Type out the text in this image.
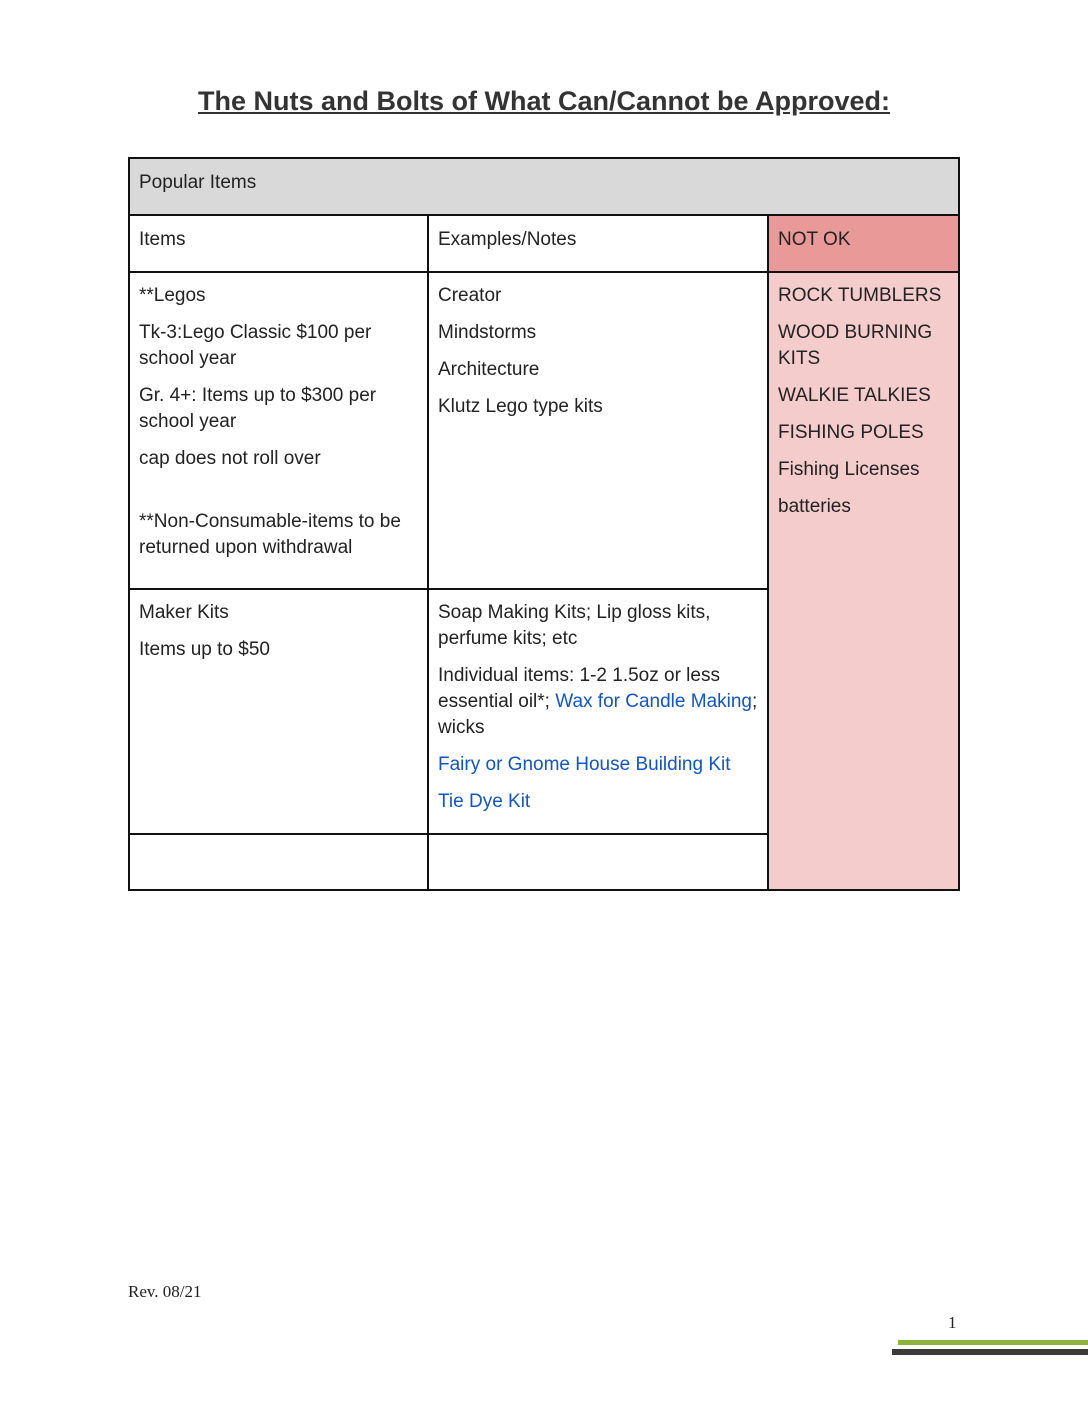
The Nuts and Bolts of What Can/Cannot be Approved:
Popular Items
Items	Examples/Notes	NOT OK

**Legos

Tk-3:Lego Classic $100 per school year

Gr. 4+: Items up to $300 per school year

cap does not roll over

**Non-Consumable-items to be returned upon withdrawal

Creator

Mindstorms

Architecture

Klutz Lego type kits

ROCK TUMBLERS

WOOD BURNING KITS

WALKIE TALKIES

FISHING POLES

Fishing Licenses

batteries

Maker Kits

Items up to $50

Soap Making Kits; Lip gloss kits, perfume kits; etc

Individual items: 1-2 1.5oz or less essential oil*; Wax for Candle Making; wicks

Fairy or Gnome House Building Kit

Tie Dye Kit

Rev. 08/21
1
